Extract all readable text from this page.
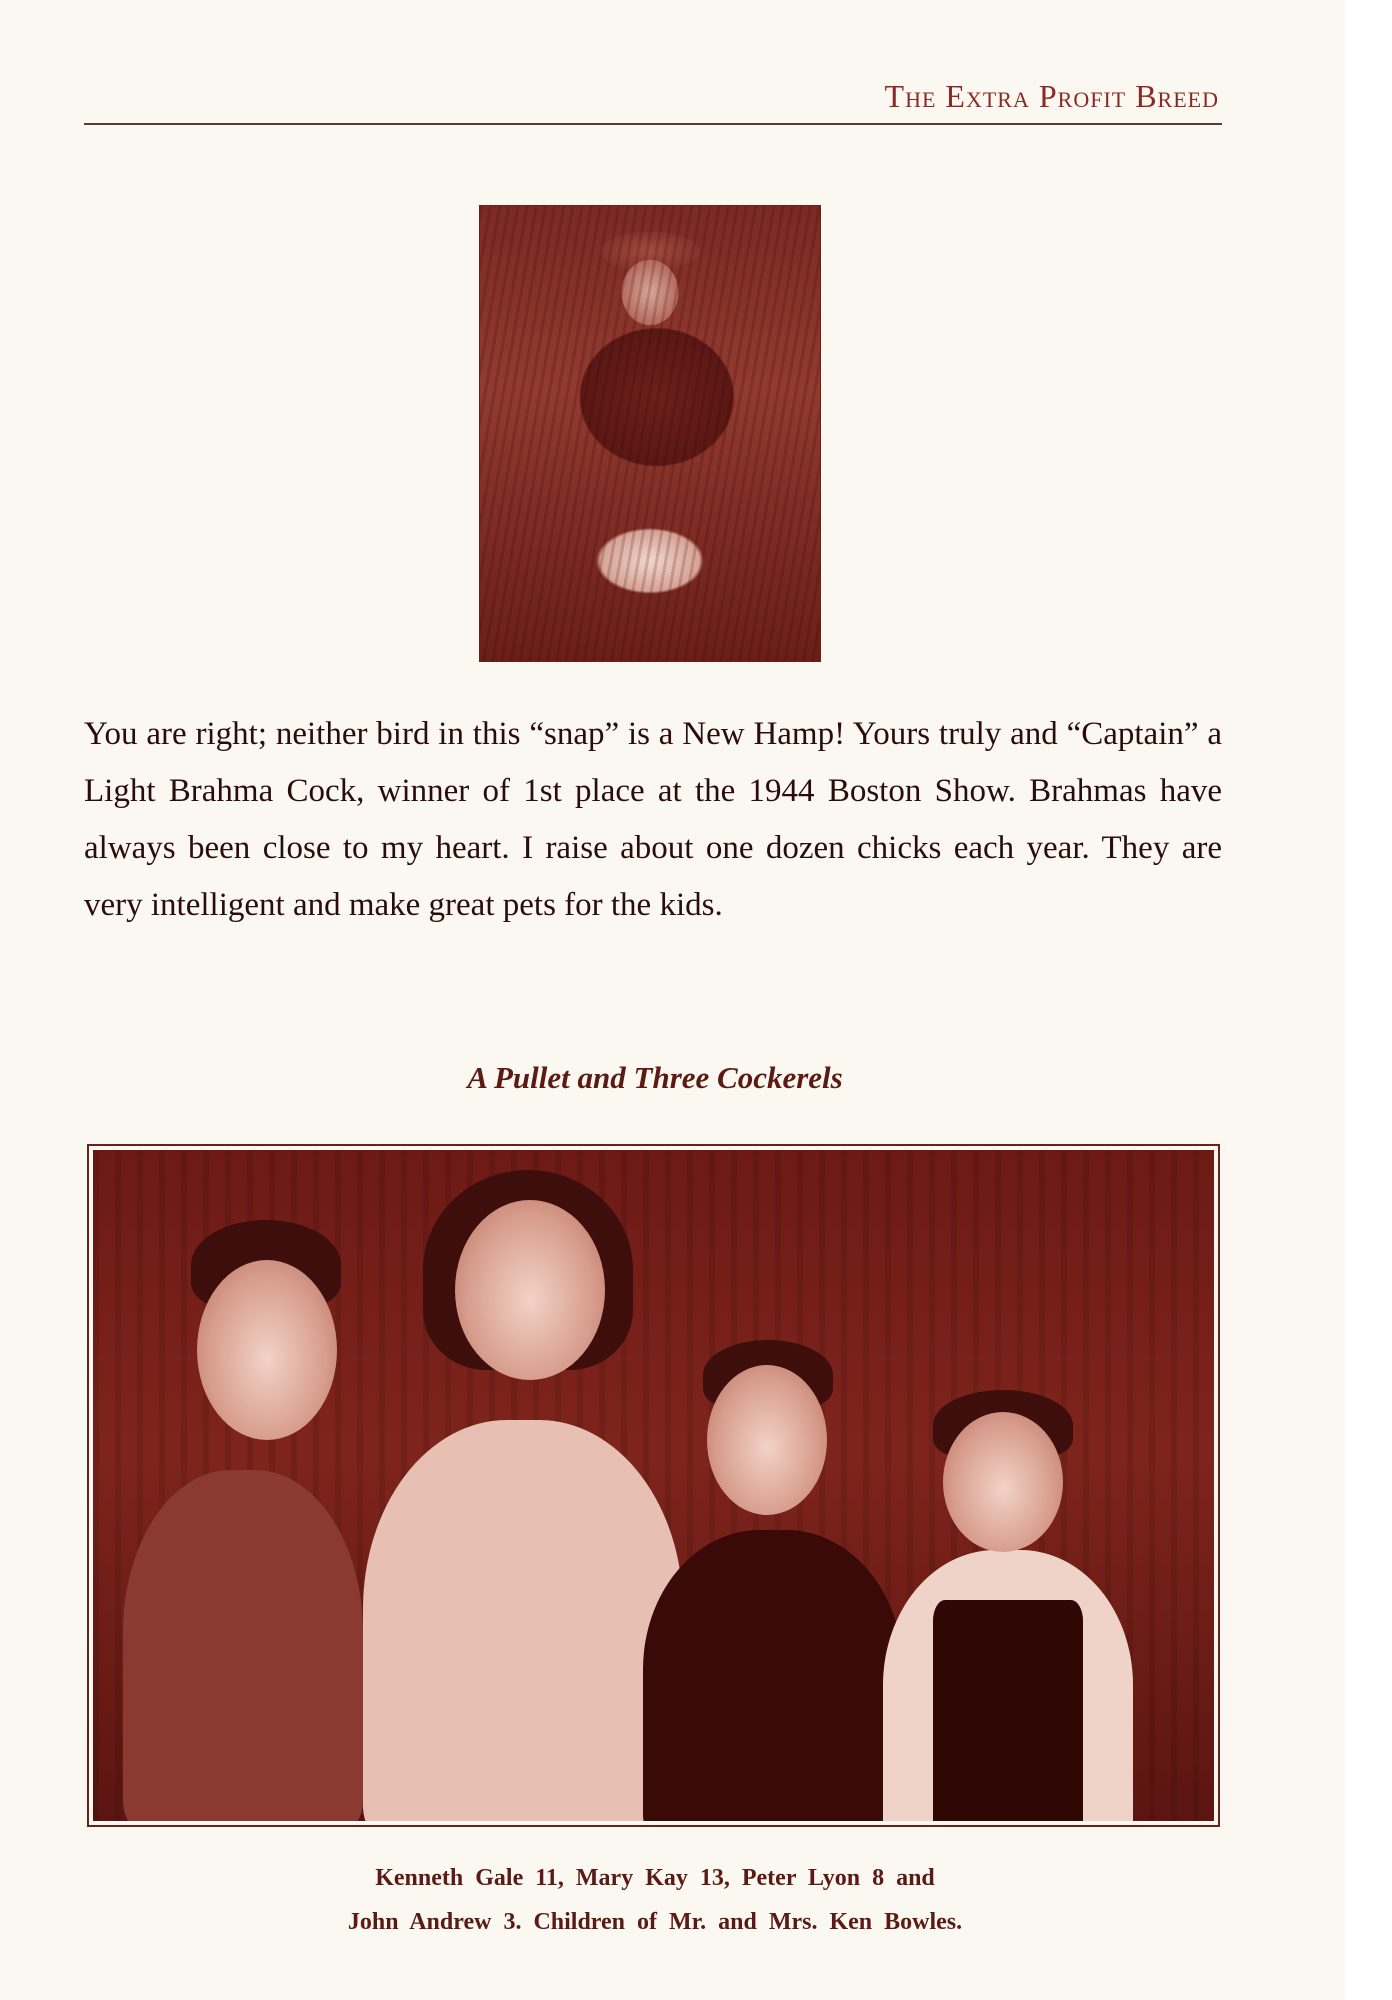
The Extra Profit Breed
You are right; neither bird in this “snap” is a New Hamp! Yours truly and “Captain” a Light Brahma Cock, winner of 1st place at the 1944 Boston Show. Brahmas have always been close to my heart. I raise about one dozen chicks each year. They are very intelligent and make great pets for the kids.
A Pullet and Three Cockerels
Kenneth Gale 11, Mary Kay 13, Peter Lyon 8 and
John Andrew 3. Children of Mr. and Mrs. Ken Bowles.
